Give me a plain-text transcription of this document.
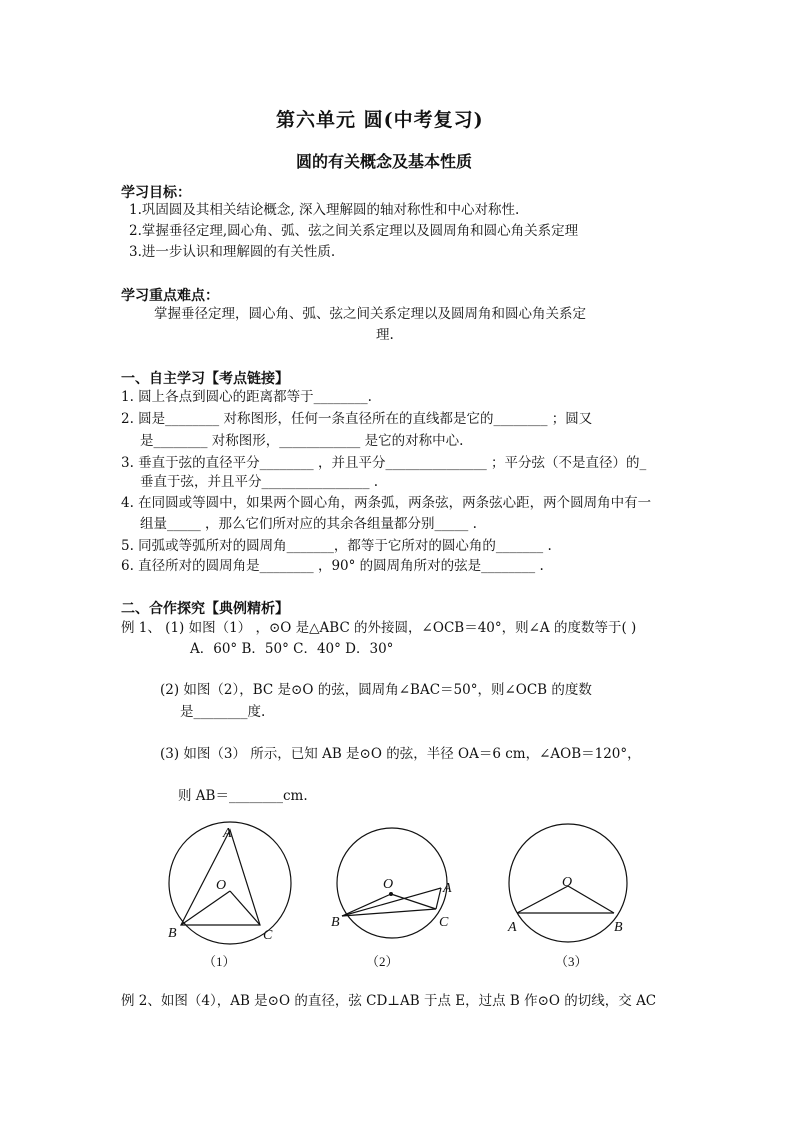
第六单元 圆(中考复习)
圆的有关概念及基本性质
学习目标：
1.巩固圆及其相关结论概念, 深入理解圆的轴对称性和中心对称性.
2.掌握垂径定理,圆心角、弧、弦之间关系定理以及圆周角和圆心角关系定理
3.进一步认识和理解圆的有关性质.
学习重点难点：
掌握垂径定理，圆心角、弧、弦之间关系定理以及圆周角和圆心角关系定
理.
一、自主学习【考点链接】
1. 圆上各点到圆心的距离都等于________.
2. 圆是________ 对称图形，任何一条直径所在的直线都是它的________ ；圆又
是________ 对称图形，____________ 是它的对称中心.
3. 垂直于弦的直径平分________ ，并且平分_______________ ；平分弦（不是直径）的_
垂直于弦，并且平分________________ .
4. 在同圆或等圆中，如果两个圆心角，两条弧，两条弦，两条弦心距，两个圆周角中有一
组量_____ ，那么它们所对应的其余各组量都分别_____ .
5. 同弧或等弧所对的圆周角_______，都等于它所对的圆心角的_______ .
6. 直径所对的圆周角是________ ，90° 的圆周角所对的弦是________ .
二、合作探究【典例精析】
例 1、 (1) 如图（1） ，⊙O 是△ABC 的外接圆，∠OCB＝40°，则∠A 的度数等于( )
A．60° B．50° C．40° D．30°
(2) 如图（2），BC 是⊙O 的弦，圆周角∠BAC＝50°，则∠OCB 的度数
是________度.
(3) 如图（3） 所示，已知 AB 是⊙O 的弦，半径 OA＝6 cm，∠AOB＝120°，
则 AB＝________cm.
A
O
B	C
（1）
O	A
B	C
（2）
O
A	B
（3）
例 2、如图（4），AB 是⊙O 的直径，弦 CD⊥AB 于点 E，过点 B 作⊙O 的切线，交 AC
